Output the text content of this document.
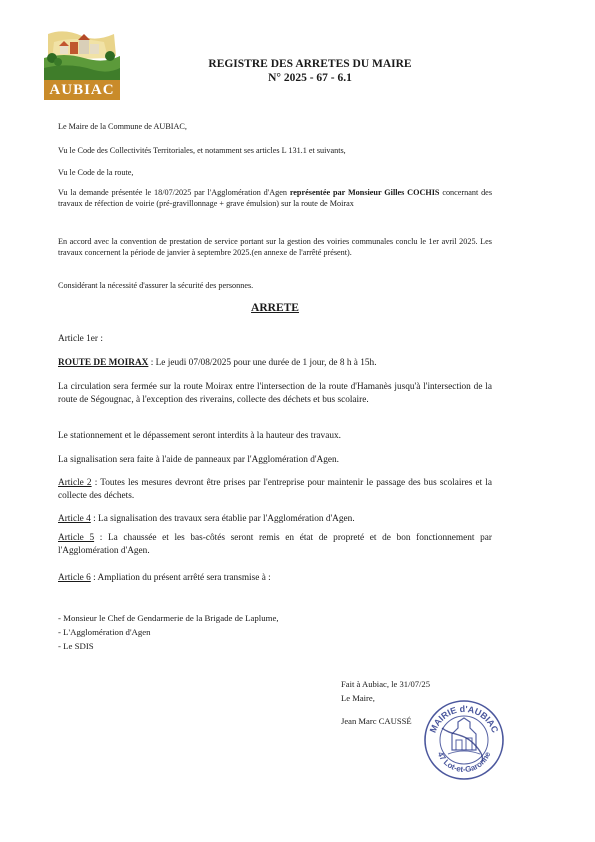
AUBIAC
REGISTRE DES ARRETES DU MAIRE
N° 2025 - 67 - 6.1
Le Maire de la Commune de AUBIAC,
Vu le Code des Collectivités Territoriales, et notamment ses articles L 131.1 et suivants,
Vu le Code de la route,
Vu la demande présentée le 18/07/2025 par l'Agglomération d'Agen représentée par Monsieur Gilles COCHIS concernant des travaux de réfection de voirie (pré-gravillonnage + grave émulsion) sur la route de Moirax
En accord avec la convention de prestation de service portant sur la gestion des voiries communales conclu le 1er avril 2025. Les travaux concernent la période de janvier à septembre 2025.(en annexe de l'arrêté présent).
Considérant la nécessité d'assurer la sécurité des personnes.
ARRETE
Article 1er :
ROUTE DE MOIRAX : Le jeudi 07/08/2025 pour une durée de 1 jour, de 8 h à 15h.
La circulation sera fermée sur la route Moirax entre l'intersection de la route d'Hamanès jusqu'à l'intersection de la route de Ségougnac, à l'exception des riverains, collecte des déchets et bus scolaire.
Le stationnement et le dépassement seront interdits à la hauteur des travaux.
La signalisation sera faite à l'aide de panneaux par l'Agglomération d'Agen.
Article 2 : Toutes les mesures devront être prises par l'entreprise pour maintenir le passage des bus scolaires et la collecte des déchets.
Article 4 : La signalisation des travaux sera établie par l'Agglomération d'Agen.
Article 5 : La chaussée et les bas-côtés seront remis en état de propreté et de bon fonctionnement par l'Agglomération d'Agen.
Article 6 : Ampliation du présent arrêté sera transmise à :
- Monsieur le Chef de Gendarmerie de la Brigade de Laplume,
- L'Agglomération d'Agen
- Le SDIS
Fait à Aubiac, le 31/07/25
Le Maire,
Jean Marc CAUSSÉ
MAIRIE d'AUBIAC
47 Lot-et-Garonne
